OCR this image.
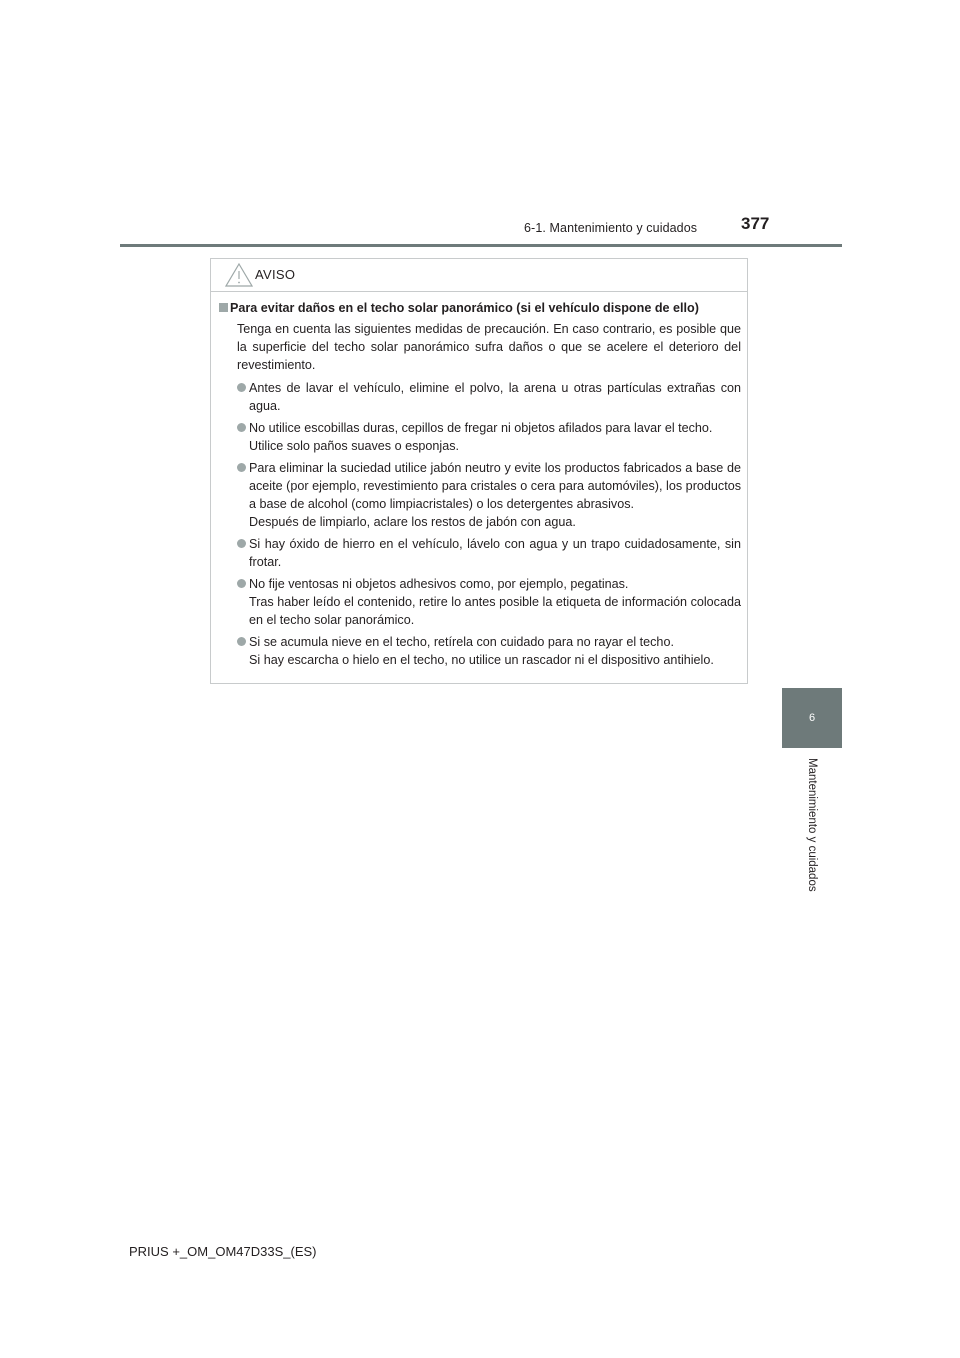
6-1. Mantenimiento y cuidados	377
6
Mantenimiento y cuidados
AVISO
Para evitar daños en el techo solar panorámico (si el vehículo dispone de ello)
Tenga en cuenta las siguientes medidas de precaución. En caso contrario, es posible que la superficie del techo solar panorámico sufra daños o que se acelere el deterioro del revestimiento.
Antes de lavar el vehículo, elimine el polvo, la arena u otras partículas extrañas con agua.
No utilice escobillas duras, cepillos de fregar ni objetos afilados para lavar el techo.
Utilice solo paños suaves o esponjas.
Para eliminar la suciedad utilice jabón neutro y evite los productos fabricados a base de aceite (por ejemplo, revestimiento para cristales o cera para automóviles), los productos a base de alcohol (como limpiacristales) o los detergentes abrasivos.
Después de limpiarlo, aclare los restos de jabón con agua.
Si hay óxido de hierro en el vehículo, lávelo con agua y un trapo cuidadosamente, sin frotar.
No fije ventosas ni objetos adhesivos como, por ejemplo, pegatinas.
Tras haber leído el contenido, retire lo antes posible la etiqueta de información colocada en el techo solar panorámico.
Si se acumula nieve en el techo, retírela con cuidado para no rayar el techo.
Si hay escarcha o hielo en el techo, no utilice un rascador ni el dispositivo antihielo.
PRIUS +_OM_OM47D33S_(ES)
